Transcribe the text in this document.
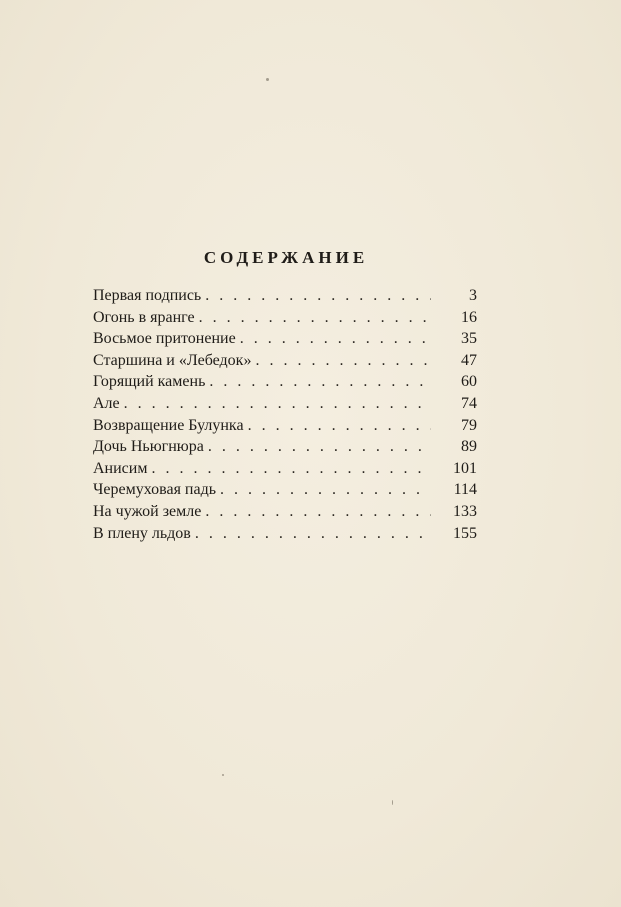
СОДЕРЖАНИЕ
Первая подпись . . .	3
Огонь в яранге . . .	16
Восьмое притонение . . .	35
Старшина и «Лебедок» . . .	47
Горящий камень . . .	60
Але . . .	74
Возвращение Булунка . . .	79
Дочь Ньюгнюра . . .	89
Анисим . . .	101
Черемуховая падь . . .	114
На чужой земле . . .	133
В плену льдов . . .	155
